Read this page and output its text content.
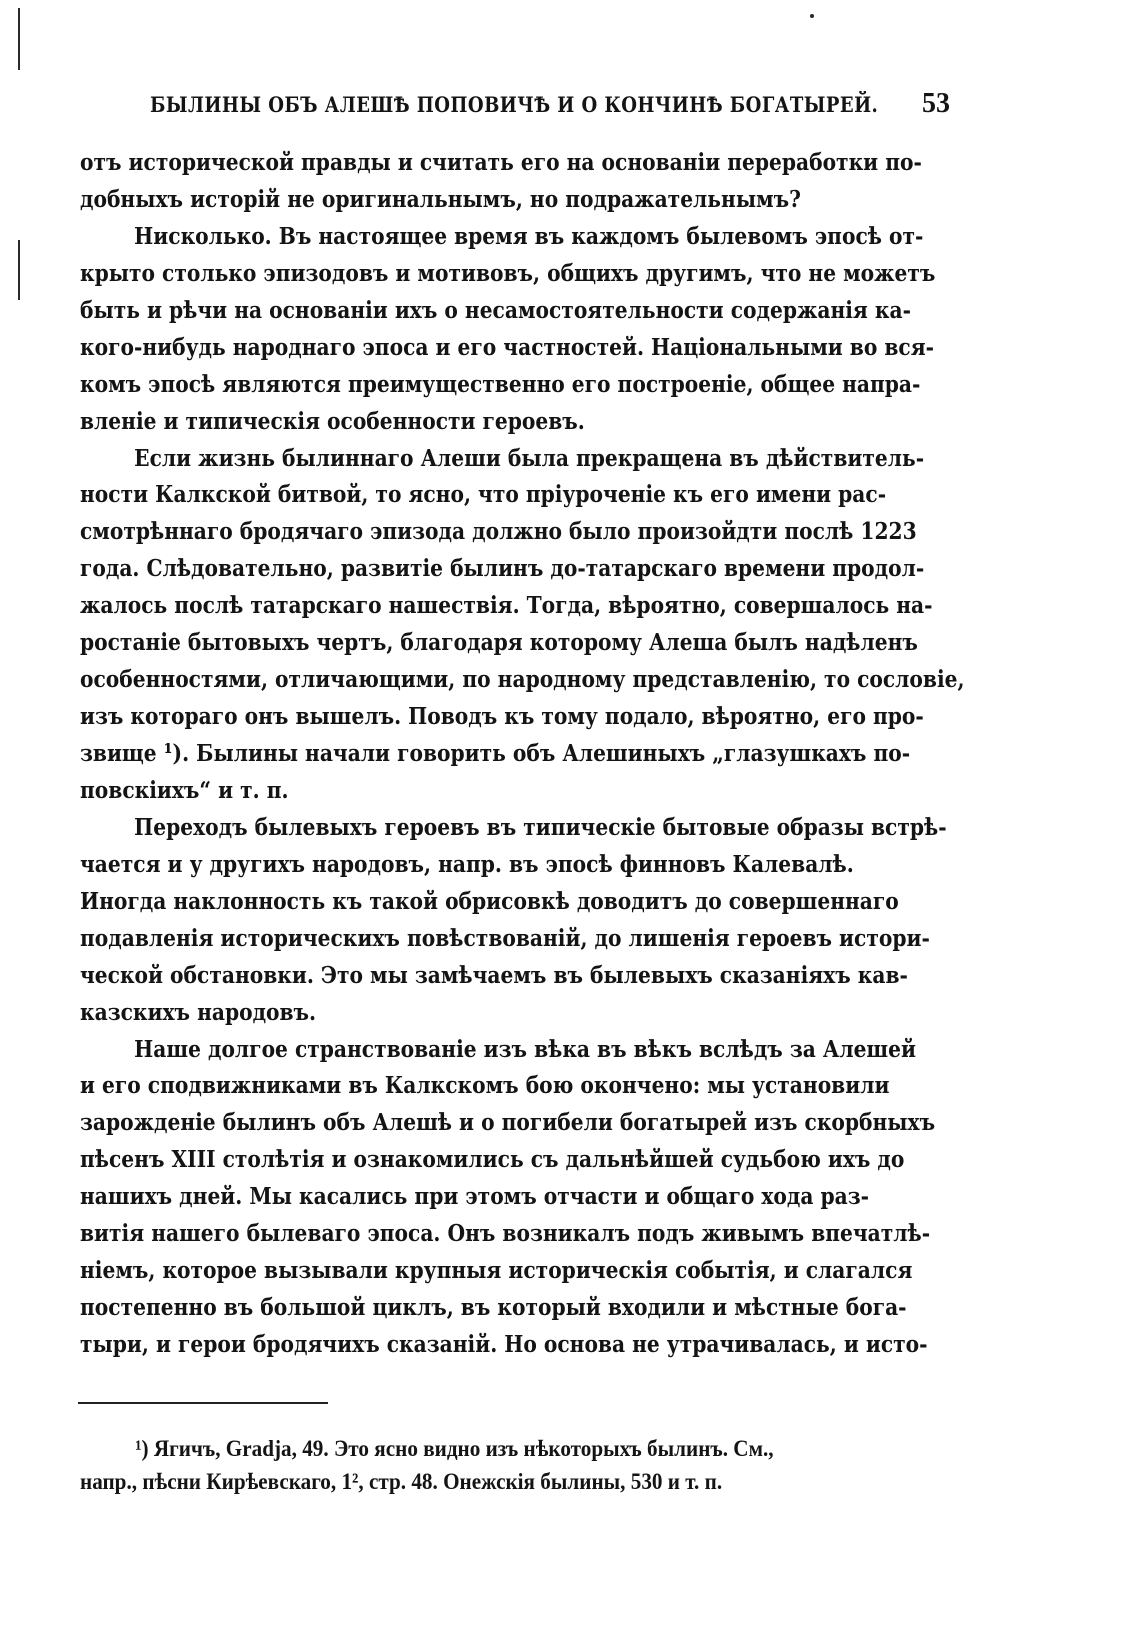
БЫЛИНЫ ОБЪ АЛЕШѢ ПОПОВИЧѢ И О КОНЧИНѢ БОГАТЫРЕЙ. 53
отъ исторической правды и считать его на основаніи переработки по-
добныхъ исторій не оригинальнымъ, но подражательнымъ?
Нисколько. Въ настоящее время въ каждомъ былевомъ эпосѣ от-
крыто столько эпизодовъ и мотивовъ, общихъ другимъ, что не можетъ
быть и рѣчи на основаніи ихъ о несамостоятельности содержанія ка-
кого-нибудь народнаго эпоса и его частностей. Національными во вся-
комъ эпосѣ являются преимущественно его построеніе, общее напра-
вленіе и типическія особенности героевъ.
Если жизнь былиннаго Алеши была прекращена въ дѣйствитель-
ности Калкской битвой, то ясно, что пріуроченіе къ его имени рас-
смотрѣннаго бродячаго эпизода должно было произойдти послѣ 1223
года. Слѣдовательно, развитіе былинъ до-татарскаго времени продол-
жалось послѣ татарскаго нашествія. Тогда, вѣроятно, совершалось на-
ростаніе бытовыхъ чертъ, благодаря которому Алеша былъ надѣленъ
особенностями, отличающими, по народному представленію, то сословіе,
изъ котораго онъ вышелъ. Поводъ къ тому подало, вѣроятно, его про-
звище ¹). Былины начали говорить объ Алешиныхъ „глазушкахъ по-
повскіихъ“ и т. п.
Переходъ былевыхъ героевъ въ типическіе бытовые образы встрѣ-
чается и у другихъ народовъ, напр. въ эпосѣ финновъ Калевалѣ.
Иногда наклонность къ такой обрисовкѣ доводитъ до совершеннаго
подавленія историческихъ повѣствованій, до лишенія героевъ истори-
ческой обстановки. Это мы замѣчаемъ въ былевыхъ сказаніяхъ кав-
казскихъ народовъ.
Наше долгое странствованіе изъ вѣка въ вѣкъ вслѣдъ за Алешей
и его сподвижниками въ Калкскомъ бою окончено: мы установили
зарожденіе былинъ объ Алешѣ и о погибели богатырей изъ скорбныхъ
пѣсенъ XIII столѣтія и ознакомились съ дальнѣйшей судьбою ихъ до
нашихъ дней. Мы касались при этомъ отчасти и общаго хода раз-
витія нашего былеваго эпоса. Онъ возникалъ подъ живымъ впечатлѣ-
ніемъ, которое вызывали крупныя историческія событія, и слагался
постепенно въ большой циклъ, въ который входили и мѣстные бога-
тыри, и герои бродячихъ сказаній. Но основа не утрачивалась, и исто-
¹) Ягичъ, Gradja, 49. Это ясно видно изъ нѣкоторыхъ былинъ. См.,
напр., пѣсни Кирѣевскаго, 1², стр. 48. Онежскія былины, 530 и т. п.
